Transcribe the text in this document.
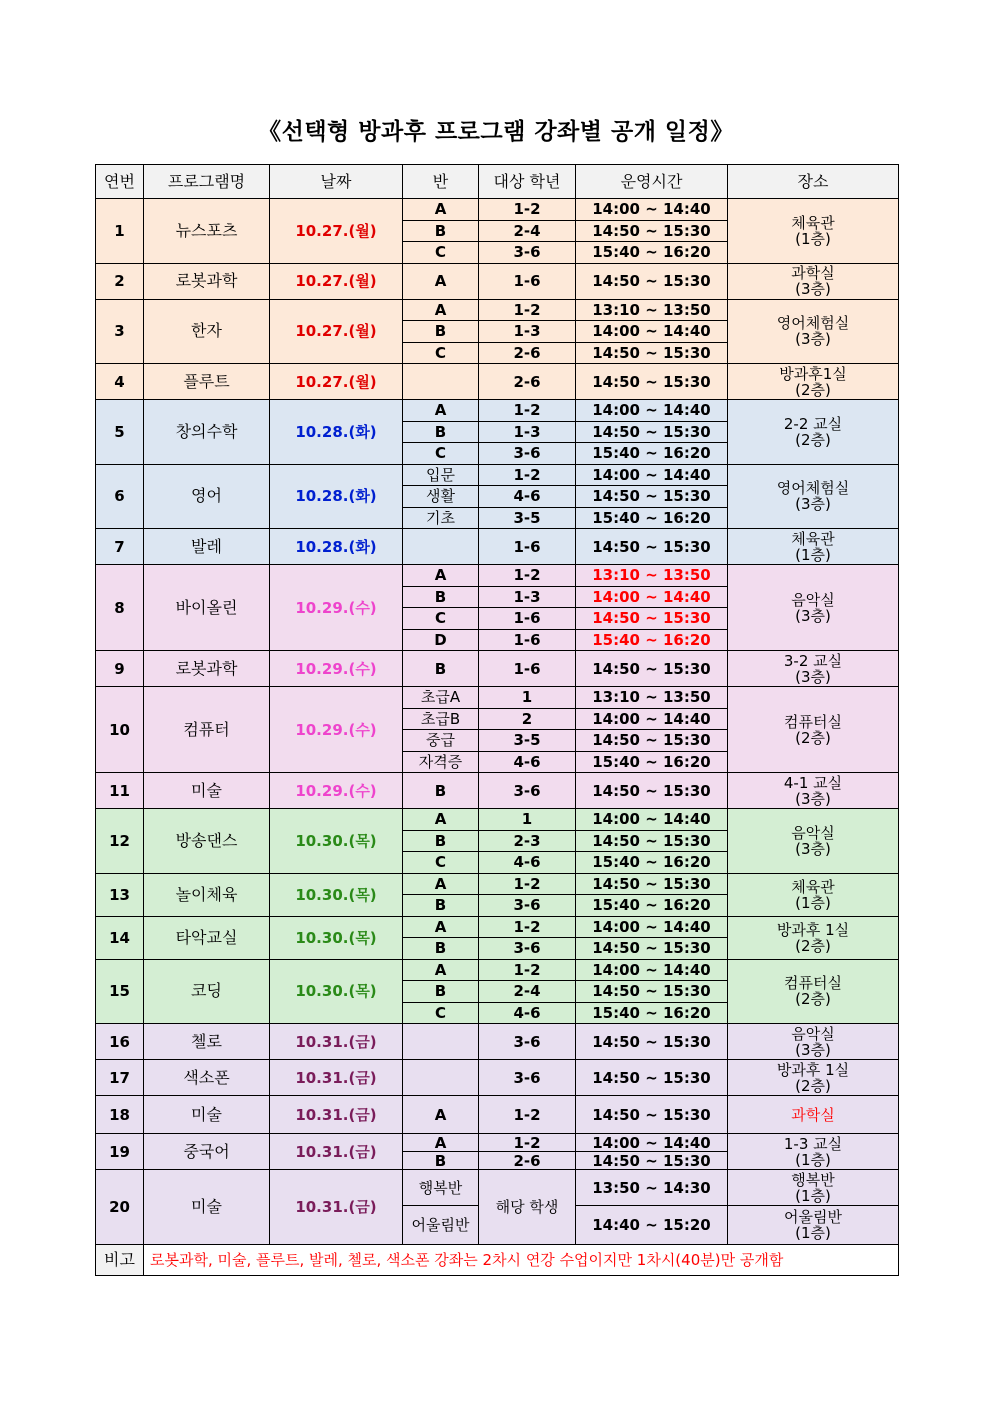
《선택형 방과후 프로그램 강좌별 공개 일정》
연번	프로그램명	날짜	반	대상 학년	운영시간	장소
1	뉴스포츠	10.27.(월)	A	1-2	14:00 ~ 14:40	체육관
(1층)

			B	2-4	14:50 ~ 15:30	
			C	3-6	15:40 ~ 16:20	
2	로봇과학	10.27.(월)	A	1-6	14:50 ~ 15:30	과학실
(3층)

3	한자	10.27.(월)	A	1-2	13:10 ~ 13:50	영어체험실
(3층)

			B	1-3	14:00 ~ 14:40	
			C	2-6	14:50 ~ 15:30	
4	플루트	10.27.(월)		2-6	14:50 ~ 15:30	방과후1실
(2층)

5	창의수학	10.28.(화)	A	1-2	14:00 ~ 14:40	2-2 교실
(2층)

			B	1-3	14:50 ~ 15:30	
			C	3-6	15:40 ~ 16:20	
6	영어	10.28.(화)	입문	1-2	14:00 ~ 14:40	영어체험실
(3층)

			생활	4-6	14:50 ~ 15:30	
			기초	3-5	15:40 ~ 16:20	
7	발레	10.28.(화)		1-6	14:50 ~ 15:30	체육관
(1층)

8	바이올린	10.29.(수)	A	1-2	13:10 ~ 13:50	음악실
(3층)

			B	1-3	14:00 ~ 14:40	
			C	1-6	14:50 ~ 15:30	
			D	1-6	15:40 ~ 16:20	
9	로봇과학	10.29.(수)	B	1-6	14:50 ~ 15:30	3-2 교실
(3층)

10	컴퓨터	10.29.(수)	초급A	1	13:10 ~ 13:50	컴퓨터실
(2층)

			초급B	2	14:00 ~ 14:40	
			중급	3-5	14:50 ~ 15:30	
			자격증	4-6	15:40 ~ 16:20	
11	미술	10.29.(수)	B	3-6	14:50 ~ 15:30	4-1 교실
(3층)

12	방송댄스	10.30.(목)	A	1	14:00 ~ 14:40	음악실
(3층)

			B	2-3	14:50 ~ 15:30	
			C	4-6	15:40 ~ 16:20	
13	놀이체육	10.30.(목)	A	1-2	14:50 ~ 15:30	체육관
(1층)

			B	3-6	15:40 ~ 16:20	
14	타악교실	10.30.(목)	A	1-2	14:00 ~ 14:40	방과후 1실
(2층)

			B	3-6	14:50 ~ 15:30	
15	코딩	10.30.(목)	A	1-2	14:00 ~ 14:40	컴퓨터실
(2층)

			B	2-4	14:50 ~ 15:30	
			C	4-6	15:40 ~ 16:20	
16	첼로	10.31.(금)		3-6	14:50 ~ 15:30	음악실
(3층)

17	색소폰	10.31.(금)		3-6	14:50 ~ 15:30	방과후 1실
(2층)

18	미술	10.31.(금)	A	1-2	14:50 ~ 15:30	과학실

19	중국어	10.31.(금)	A	1-2	14:00 ~ 14:40	1-3 교실
(1층)

			B	2-6	14:50 ~ 15:30	
20	미술	10.31.(금)	행복반	해당 학생	13:50 ~ 14:30	행복반
(1층)

			어울림반		14:40 ~ 15:20	어울림반
(1층)

비고	로봇과학, 미술, 플루트, 발레, 첼로, 색소폰 강좌는 2차시 연강 수업이지만 1차시(40분)만 공개함					
